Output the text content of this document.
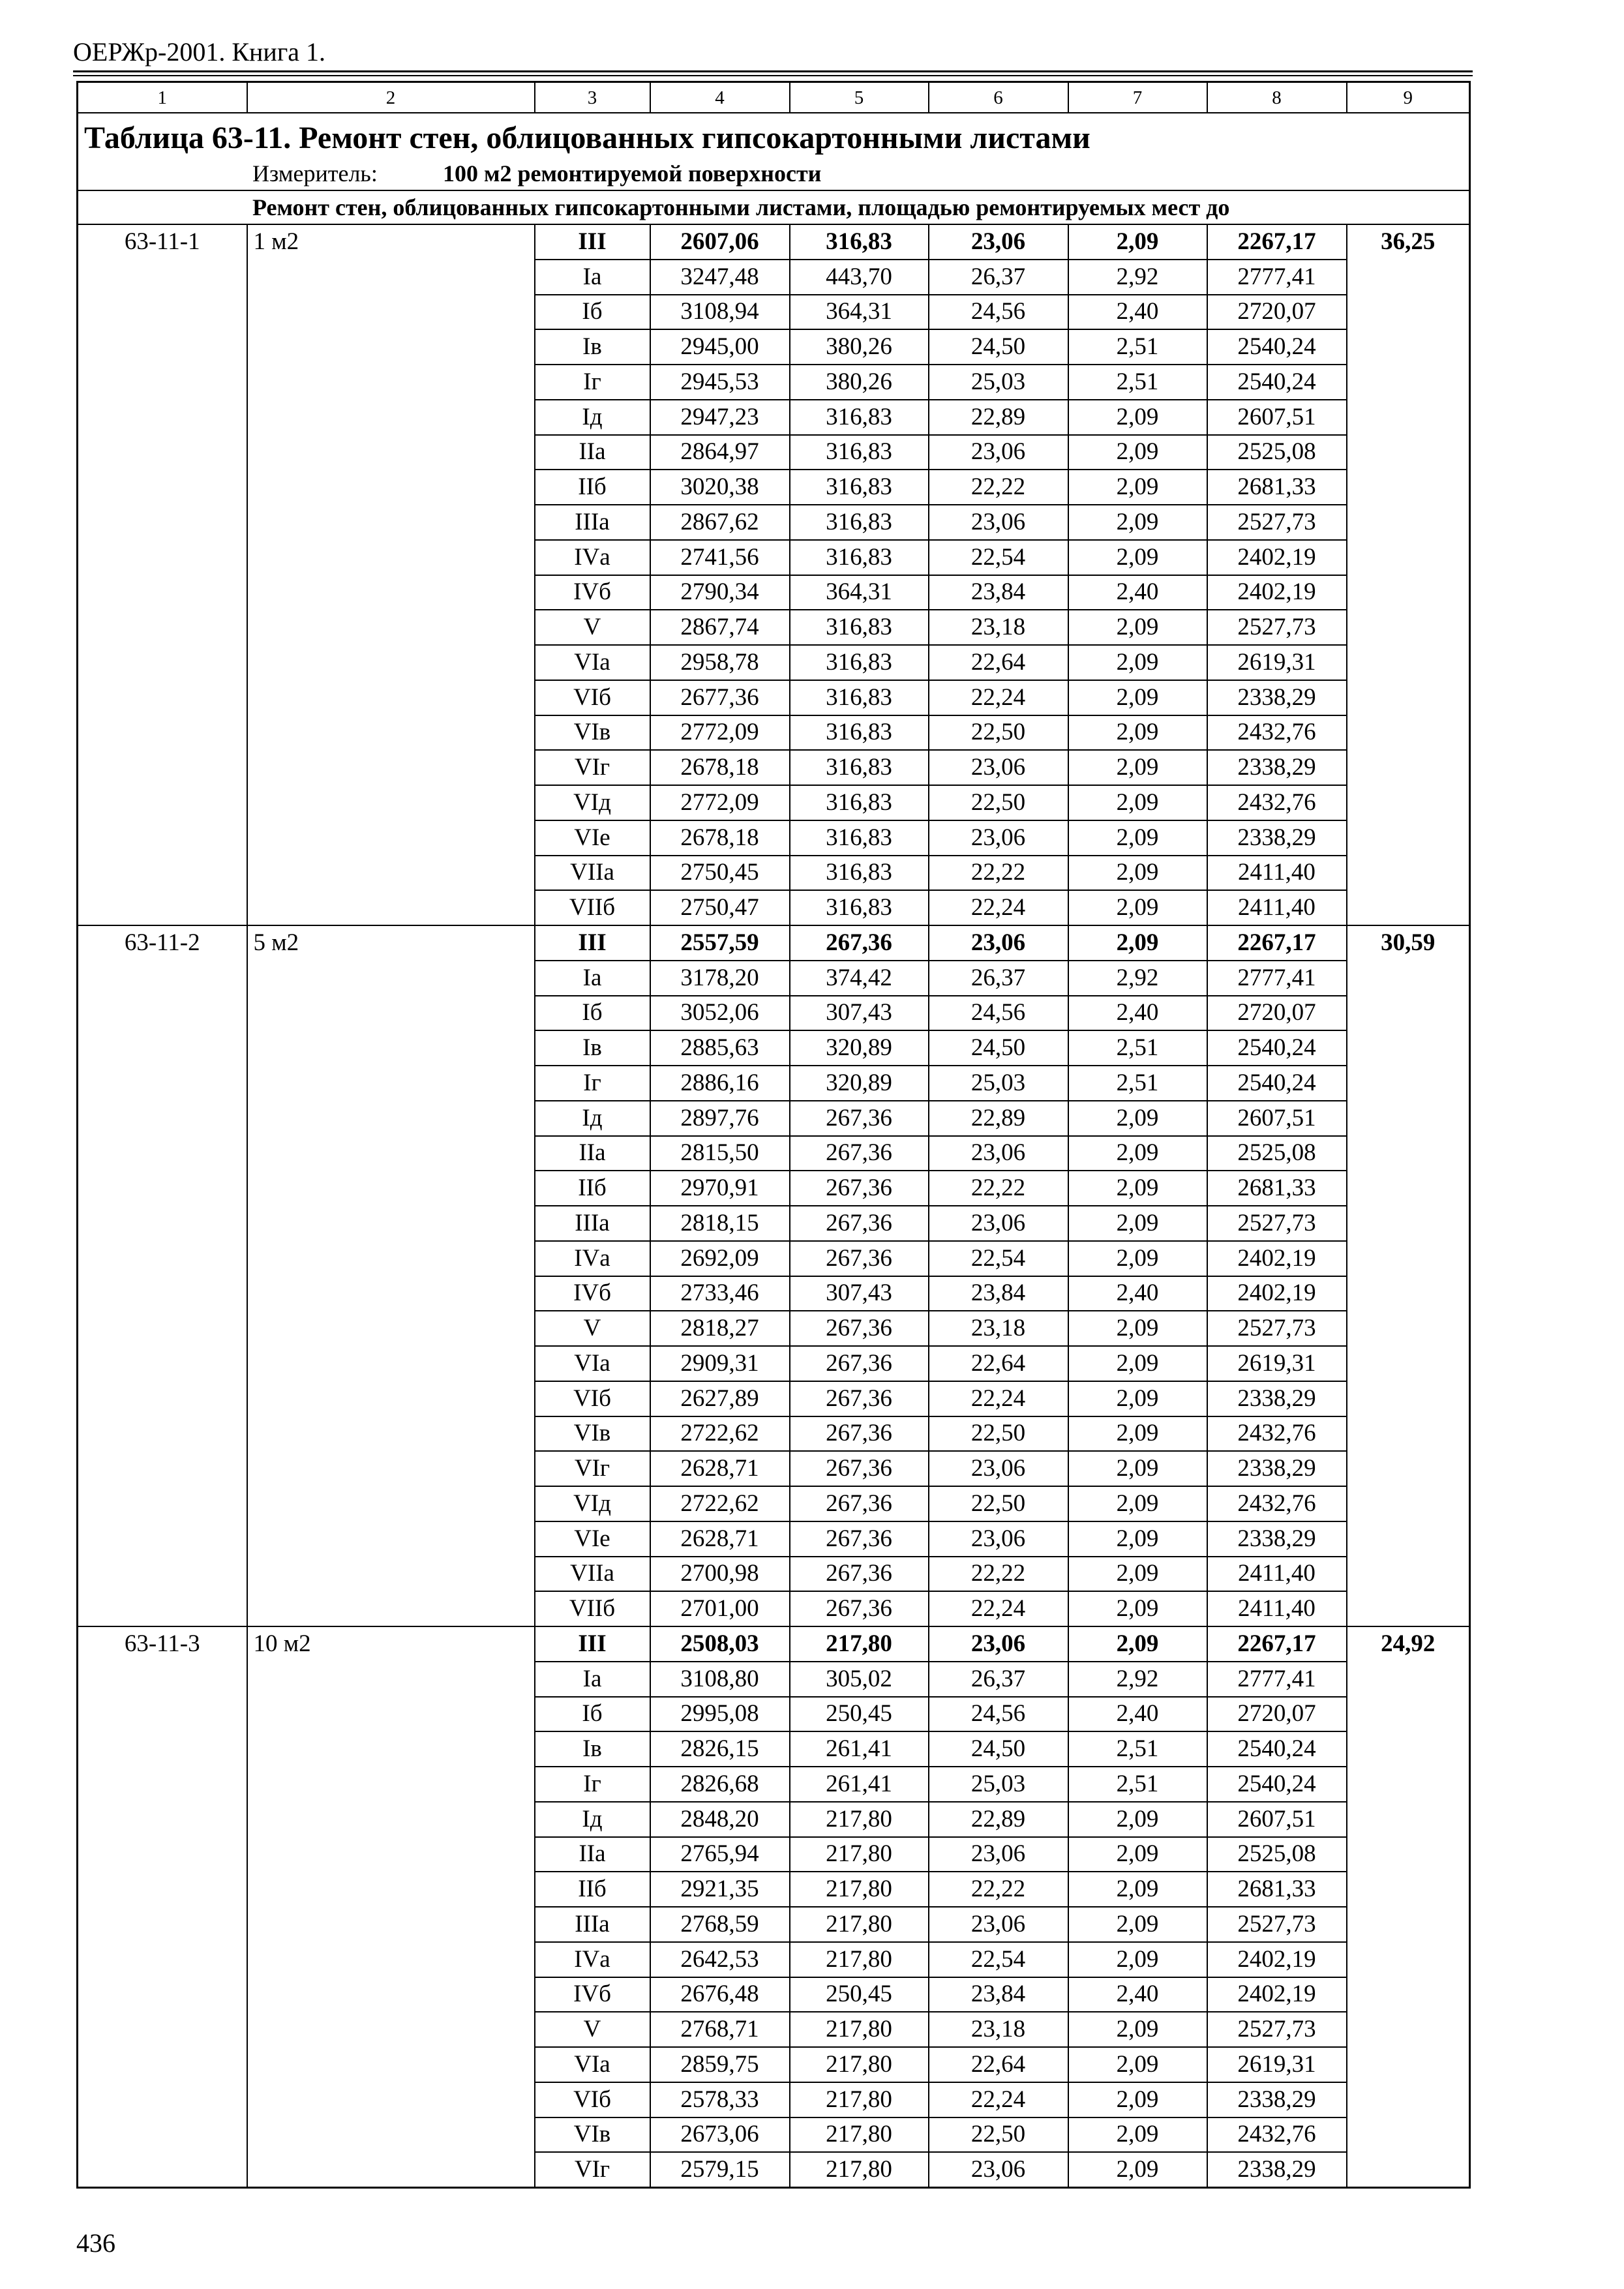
ОЕРЖр-2001. Книга 1.
1	2	3	4	5	6	7	8	9

Таблица 63-11. Ремонт стен, облицованных гипсокартонными листами
Измеритель: 100 м2 ремонтируемой поверхности								

Ремонт стен, облицованных гипсокартонными листами, площадью ремонтируемых мест до								
63-11-1	1 м2	III	2607,06	316,83	23,06	2,09	2267,17	36,25
		Iа	3247,48	443,70	26,37	2,92	2777,41	
		Iб	3108,94	364,31	24,56	2,40	2720,07	
		Iв	2945,00	380,26	24,50	2,51	2540,24	
		Iг	2945,53	380,26	25,03	2,51	2540,24	
		Iд	2947,23	316,83	22,89	2,09	2607,51	
		IIа	2864,97	316,83	23,06	2,09	2525,08	
		IIб	3020,38	316,83	22,22	2,09	2681,33	
		IIIа	2867,62	316,83	23,06	2,09	2527,73	
		IVа	2741,56	316,83	22,54	2,09	2402,19	
		IVб	2790,34	364,31	23,84	2,40	2402,19	
		V	2867,74	316,83	23,18	2,09	2527,73	
		VIа	2958,78	316,83	22,64	2,09	2619,31	
		VIб	2677,36	316,83	22,24	2,09	2338,29	
		VIв	2772,09	316,83	22,50	2,09	2432,76	
		VIг	2678,18	316,83	23,06	2,09	2338,29	
		VIд	2772,09	316,83	22,50	2,09	2432,76	
		VIе	2678,18	316,83	23,06	2,09	2338,29	
		VIIа	2750,45	316,83	22,22	2,09	2411,40	
		VIIб	2750,47	316,83	22,24	2,09	2411,40	
63-11-2	5 м2	III	2557,59	267,36	23,06	2,09	2267,17	30,59
		Iа	3178,20	374,42	26,37	2,92	2777,41	
		Iб	3052,06	307,43	24,56	2,40	2720,07	
		Iв	2885,63	320,89	24,50	2,51	2540,24	
		Iг	2886,16	320,89	25,03	2,51	2540,24	
		Iд	2897,76	267,36	22,89	2,09	2607,51	
		IIа	2815,50	267,36	23,06	2,09	2525,08	
		IIб	2970,91	267,36	22,22	2,09	2681,33	
		IIIа	2818,15	267,36	23,06	2,09	2527,73	
		IVа	2692,09	267,36	22,54	2,09	2402,19	
		IVб	2733,46	307,43	23,84	2,40	2402,19	
		V	2818,27	267,36	23,18	2,09	2527,73	
		VIа	2909,31	267,36	22,64	2,09	2619,31	
		VIб	2627,89	267,36	22,24	2,09	2338,29	
		VIв	2722,62	267,36	22,50	2,09	2432,76	
		VIг	2628,71	267,36	23,06	2,09	2338,29	
		VIд	2722,62	267,36	22,50	2,09	2432,76	
		VIе	2628,71	267,36	23,06	2,09	2338,29	
		VIIа	2700,98	267,36	22,22	2,09	2411,40	
		VIIб	2701,00	267,36	22,24	2,09	2411,40	
63-11-3	10 м2	III	2508,03	217,80	23,06	2,09	2267,17	24,92
		Iа	3108,80	305,02	26,37	2,92	2777,41	
		Iб	2995,08	250,45	24,56	2,40	2720,07	
		Iв	2826,15	261,41	24,50	2,51	2540,24	
		Iг	2826,68	261,41	25,03	2,51	2540,24	
		Iд	2848,20	217,80	22,89	2,09	2607,51	
		IIа	2765,94	217,80	23,06	2,09	2525,08	
		IIб	2921,35	217,80	22,22	2,09	2681,33	
		IIIа	2768,59	217,80	23,06	2,09	2527,73	
		IVа	2642,53	217,80	22,54	2,09	2402,19	
		IVб	2676,48	250,45	23,84	2,40	2402,19	
		V	2768,71	217,80	23,18	2,09	2527,73	
		VIа	2859,75	217,80	22,64	2,09	2619,31	
		VIб	2578,33	217,80	22,24	2,09	2338,29	
		VIв	2673,06	217,80	22,50	2,09	2432,76	
		VIг	2579,15	217,80	23,06	2,09	2338,29	
436
